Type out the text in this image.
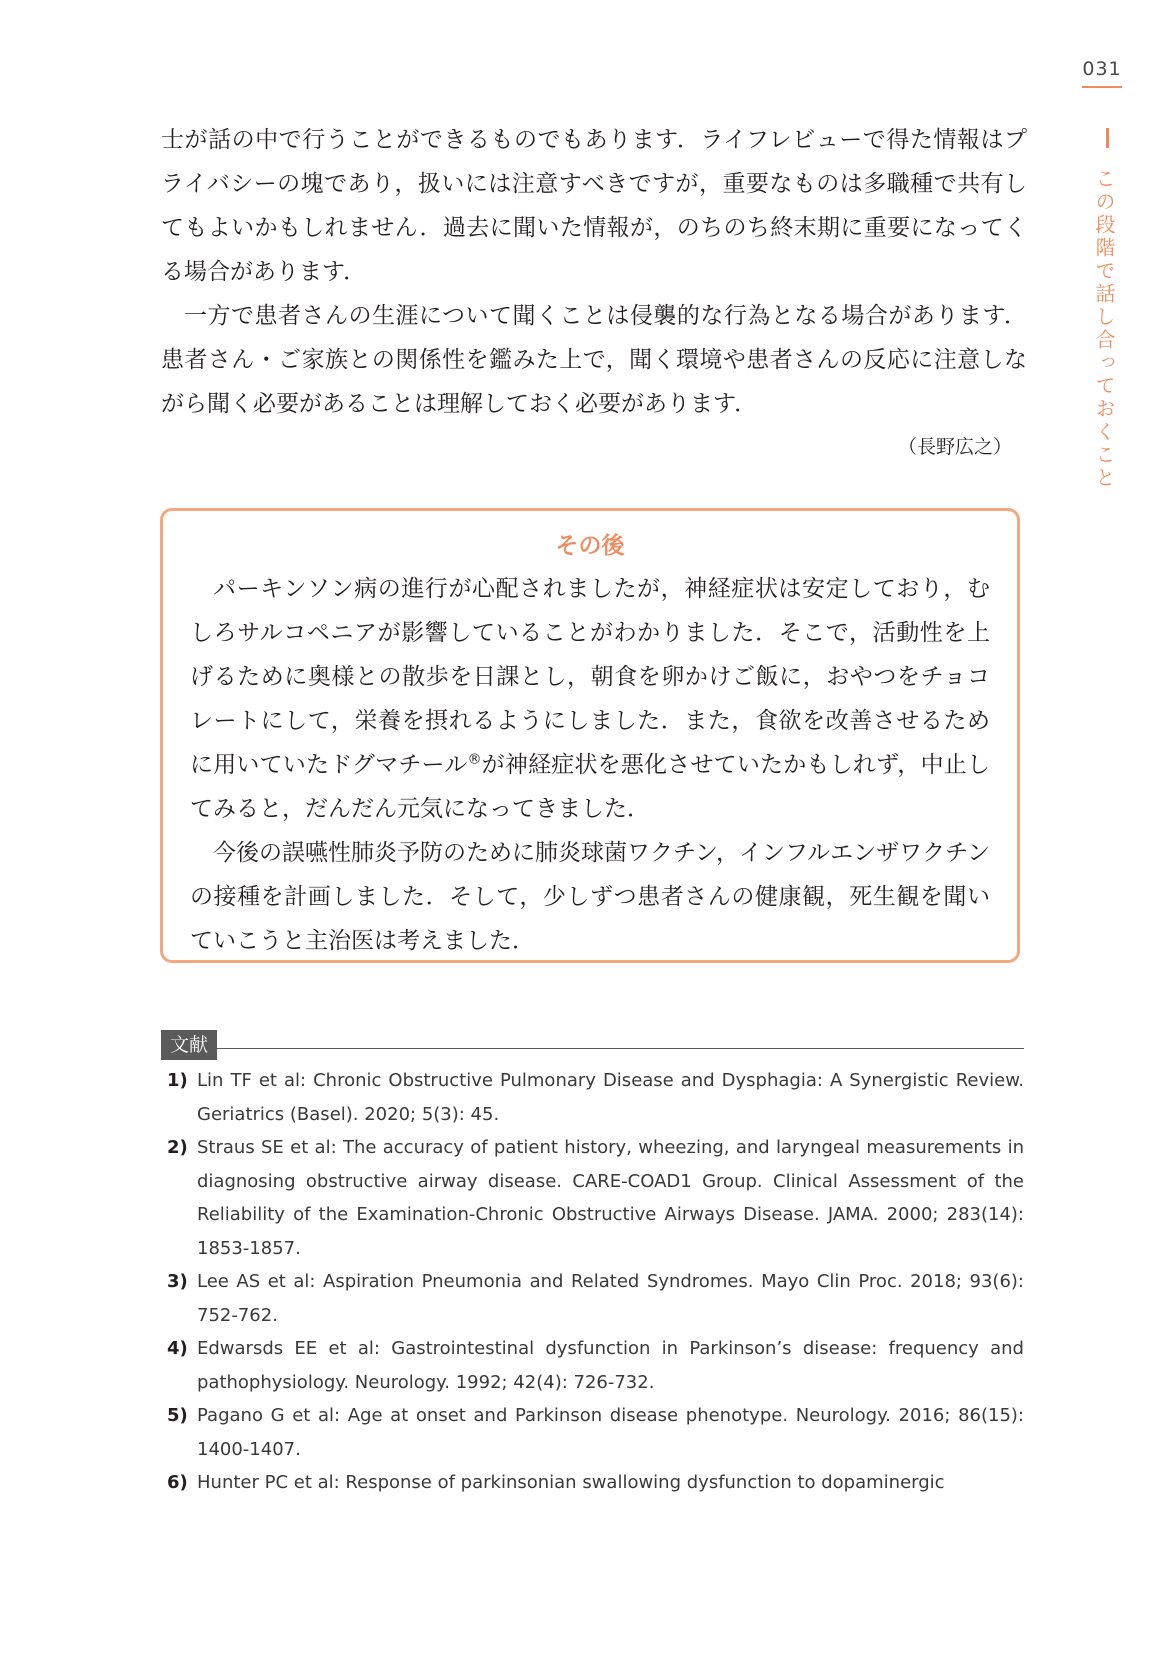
031
この段階で話し合っておくこと

士が話の中で行うことができるものでもあります．ライフレビューで得た情報はプライバシーの塊であり，扱いには注意すべきですが，重要なものは多職種で共有してもよいかもしれません．過去に聞いた情報が，のちのち終末期に重要になってくる場合があります．

一方で患者さんの生涯について聞くことは侵襲的な行為となる場合があります．患者さん・ご家族との関係性を鑑みた上で，聞く環境や患者さんの反応に注意しながら聞く必要があることは理解しておく必要があります．

（長野広之）
その後

パーキンソン病の進行が心配されましたが，神経症状は安定しており，むしろサルコペニアが影響していることがわかりました．そこで，活動性を上げるために奥様との散歩を日課とし，朝食を卵かけご飯に，おやつをチョコレートにして，栄養を摂れるようにしました．また，食欲を改善させるために用いていたドグマチール®が神経症状を悪化させていたかもしれず，中止してみると，だんだん元気になってきました．

今後の誤嚥性肺炎予防のために肺炎球菌ワクチン，インフルエンザワクチンの接種を計画しました．そして，少しずつ患者さんの健康観，死生観を聞いていこうと主治医は考えました．

文献
1) Lin TF et al: Chronic Obstructive Pulmonary Disease and Dysphagia: A Synergistic Review. Geriatrics (Basel). 2020; 5(3): 45.
2) Straus SE et al: The accuracy of patient history, wheezing, and laryngeal measurements in diagnosing obstructive airway disease. CARE-COAD1 Group. Clinical Assessment of the Reliability of the Examination-Chronic Obstructive Airways Disease. JAMA. 2000; 283(14): 1853-1857.
3) Lee AS et al: Aspiration Pneumonia and Related Syndromes. Mayo Clin Proc. 2018; 93(6): 752-762.
4) Edwarsds EE et al: Gastrointestinal dysfunction in Parkinson’s disease: frequency and pathophysiology. Neurology. 1992; 42(4): 726-732.
5) Pagano G et al: Age at onset and Parkinson disease phenotype. Neurology. 2016; 86(15): 1400-1407.
6) Hunter PC et al: Response of parkinsonian swallowing dysfunction to dopaminergic
